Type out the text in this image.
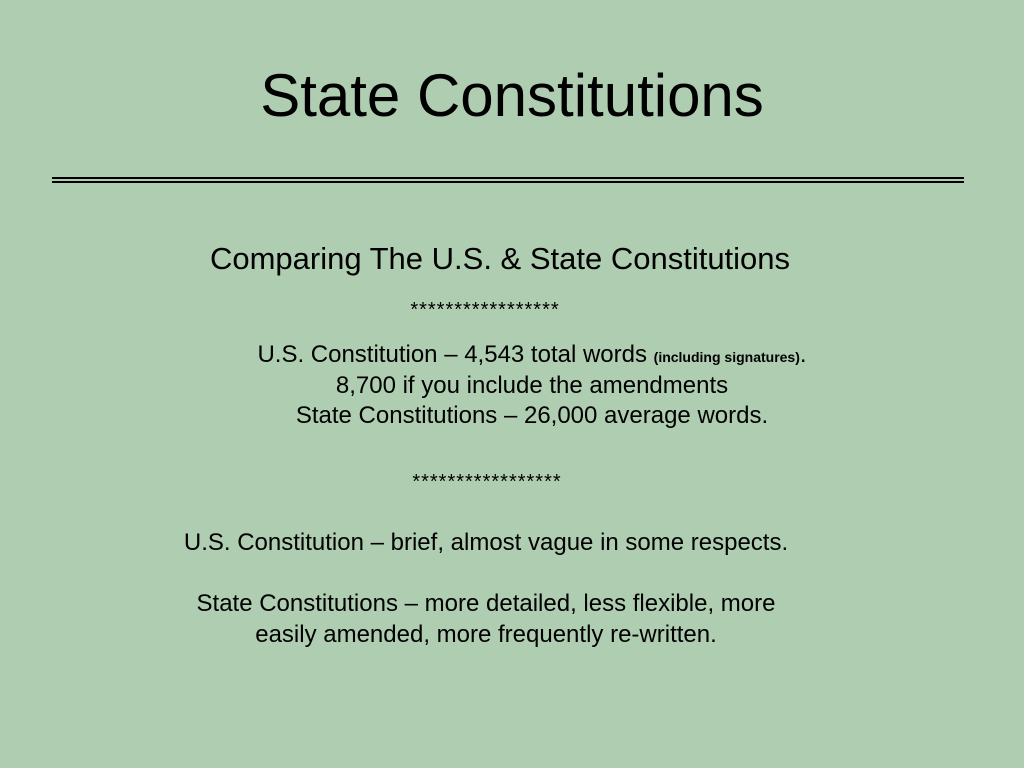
State Constitutions
Comparing The U.S. & State Constitutions
*****************
U.S. Constitution – 4,543 total words (including signatures).
8,700 if you include the amendments
State Constitutions – 26,000 average words.
*****************
U.S. Constitution – brief, almost vague in some respects.
State Constitutions – more detailed, less flexible, more
easily amended, more frequently re-written.
